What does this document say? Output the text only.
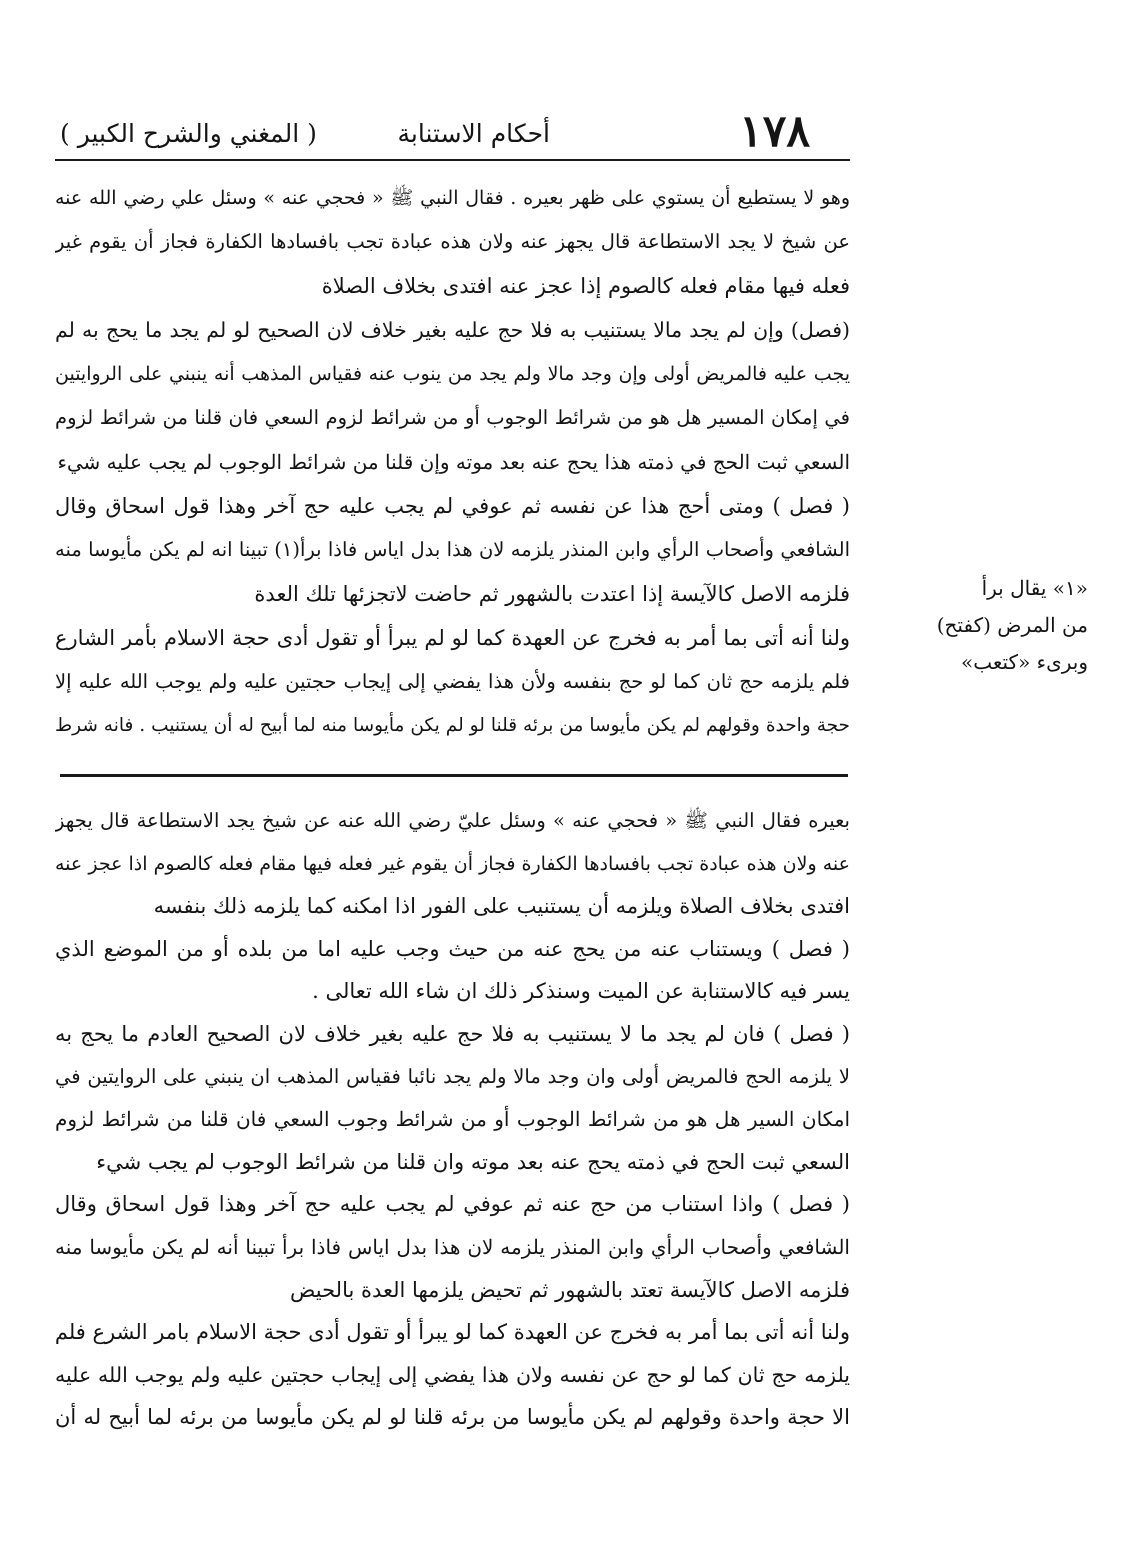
١٧٨
أحكام الاستنابة
( المغني والشرح الكبير )
وهو لا يستطيع أن يستوي على ظهر بعيره . فقال النبي ﷺ « فحجي عنه » وسئل علي رضي الله عنه
عن شيخ لا يجد الاستطاعة قال يجهز عنه ولان هذه عبادة تجب بافسادها الكفارة فجاز أن يقوم غير
فعله فيها مقام فعله كالصوم إذا عجز عنه افتدى بخلاف الصلاة
(فصل) وإن لم يجد مالا يستنيب به فلا حج عليه بغير خلاف لان الصحيح لو لم يجد ما يحج به لم
يجب عليه فالمريض أولى وإن وجد مالا ولم يجد من ينوب عنه فقياس المذهب أنه ينبني على الروايتين
في إمكان المسير هل هو من شرائط الوجوب أو من شرائط لزوم السعي فان قلنا من شرائط لزوم
السعي ثبت الحج في ذمته هذا يحج عنه بعد موته وإن قلنا من شرائط الوجوب لم يجب عليه شيء
( فصل ) ومتى أحج هذا عن نفسه ثم عوفي لم يجب عليه حج آخر وهذا قول اسحاق وقال
الشافعي وأصحاب الرأي وابن المنذر يلزمه لان هذا بدل اياس فاذا برأ(١) تبينا انه لم يكن مأيوسا منه
فلزمه الاصل كالآيسة إذا اعتدت بالشهور ثم حاضت لاتجزئها تلك العدة
ولنا أنه أتى بما أمر به فخرج عن العهدة كما لو لم يبرأ أو تقول أدى حجة الاسلام بأمر الشارع
فلم يلزمه حج ثان كما لو حج بنفسه ولأن هذا يفضي إلى إيجاب حجتين عليه ولم يوجب الله عليه إلا
حجة واحدة وقولهم لم يكن مأيوسا من برئه قلنا لو لم يكن مأيوسا منه لما أبيح له أن يستنيب . فانه شرط
«١» يقال برأ
من المرض (كفتح)
وبرىء «كتعب»
بعيره فقال النبي ﷺ « فحجي عنه » وسئل عليّ رضي الله عنه عن شيخ يجد الاستطاعة قال يجهز
عنه ولان هذه عبادة تجب بافسادها الكفارة فجاز أن يقوم غير فعله فيها مقام فعله كالصوم اذا عجز عنه
افتدى بخلاف الصلاة ويلزمه أن يستنيب على الفور اذا امكنه كما يلزمه ذلك بنفسه
( فصل ) ويستناب عنه من يحج عنه من حيث وجب عليه اما من بلده أو من الموضع الذي
يسر فيه كالاستنابة عن الميت وسنذكر ذلك ان شاء الله تعالى .
( فصل ) فان لم يجد ما لا يستنيب به فلا حج عليه بغير خلاف لان الصحيح العادم ما يحج به
لا يلزمه الحج فالمريض أولى وان وجد مالا ولم يجد نائبا فقياس المذهب ان ينبني على الروايتين في
امكان السير هل هو من شرائط الوجوب أو من شرائط وجوب السعي فان قلنا من شرائط لزوم
السعي ثبت الحج في ذمته يحج عنه بعد موته وان قلنا من شرائط الوجوب لم يجب شيء
( فصل ) واذا استناب من حج عنه ثم عوفي لم يجب عليه حج آخر وهذا قول اسحاق وقال
الشافعي وأصحاب الرأي وابن المنذر يلزمه لان هذا بدل اياس فاذا برأ تبينا أنه لم يكن مأيوسا منه
فلزمه الاصل كالآيسة تعتد بالشهور ثم تحيض يلزمها العدة بالحيض
ولنا أنه أتى بما أمر به فخرج عن العهدة كما لو يبرأ أو تقول أدى حجة الاسلام بامر الشرع فلم
يلزمه حج ثان كما لو حج عن نفسه ولان هذا يفضي إلى إيجاب حجتين عليه ولم يوجب الله عليه
الا حجة واحدة وقولهم لم يكن مأيوسا من برئه قلنا لو لم يكن مأيوسا من برئه لما أبيح له أن
